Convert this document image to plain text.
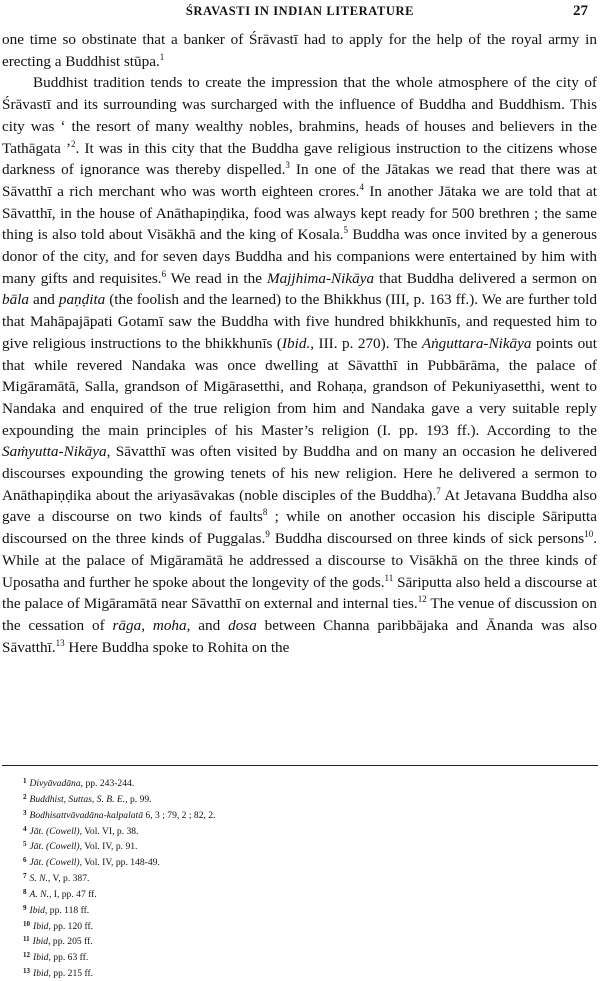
ŚRAVASTI IN INDIAN LITERATURE	27

one time so obstinate that a banker of Śrāvastī had to apply for the help of the royal army in erecting a Buddhist stūpa.$^1$

Buddhist tradition tends to create the impression that the whole atmosphere of the city of Śrāvastī and its surrounding was surcharged with the influence of Buddha and Buddhism. This city was ‘ the resort of many wealthy nobles, brahmins, heads of houses and believers in the Tathāgata ’$^2$. It was in this city that the Buddha gave religious instruction to the citizens whose darkness of ignorance was thereby dispelled.$^3$ In one of the Jātakas we read that there was at Sāvatthī a rich merchant who was worth eighteen crores.$^4$ In another Jātaka we are told that at Sāvatthī, in the house of Anāthapiṇḍika, food was always kept ready for 500 brethren ; the same thing is also told about Visākhā and the king of Kosala.$^5$ Buddha was once invited by a generous donor of the city, and for seven days Buddha and his companions were entertained by him with many gifts and requisites.$^6$ We read in the Majjhima-Nikāya that Buddha delivered a sermon on bāla and paṇḍita (the foolish and the learned) to the Bhikkhus (III, p. 163 ff.). We are further told that Mahāpajāpati Gotamī saw the Buddha with five hundred bhikkhunīs, and requested him to give religious instructions to the bhikkhunīs (Ibid., III. p. 270). The Aṅguttara-Nikāya points out that while revered Nandaka was once dwelling at Sāvatthī in Pubbārāma, the palace of Migāramātā, Salla, grandson of Migārasetthi, and Rohaṇa, grandson of Pekuniyasetthi, went to Nandaka and enquired of the true religion from him and Nandaka gave a very suitable reply expounding the main principles of his Master’s religion (I. pp. 193 ff.). According to the Saṁyutta-Nikāya, Sāvatthī was often visited by Buddha and on many an occasion he delivered discourses expounding the growing tenets of his new religion. Here he delivered a sermon to Anāthapiṇḍika about the ariyasāvakas (noble disciples of the Buddha).$^7$ At Jetavana Buddha also gave a discourse on two kinds of faults$^8$ ; while on another occasion his disciple Sāriputta discoursed on the three kinds of Puggalas.$^9$ Buddha discoursed on three kinds of sick persons$^{10}$. While at the palace of Migāramātā he addressed a discourse to Visākhā on the three kinds of Uposatha and further he spoke about the longevity of the gods.$^{11}$ Sāriputta also held a discourse at the palace of Migāramātā near Sāvatthī on external and internal ties.$^{12}$ The venue of discussion on the cessation of rāga, moha, and dosa between Channa paribbājaka and Ānanda was also Sāvatthī.$^{13}$ Here Buddha spoke to Rohita on the

$^1$ Divyāvadāna, pp. 243-244.
$^2$ Buddhist, Suttas, S. B. E., p. 99.
$^3$ Bodhisattvāvadāna-kalpalatā 6, 3 ; 79, 2 ; 82, 2.
$^4$ Jāt. (Cowell), Vol. VI, p. 38.
$^5$ Jāt. (Cowell), Vol. IV, p. 91.
$^6$ Jāt. (Cowell), Vol. IV, pp. 148-49.
$^7$ S. N., V, p. 387.
$^8$ A. N., I, pp. 47 ff.
$^9$ Ibid, pp. 118 ff.
$^{10}$ Ibid, pp. 120 ff.
$^{11}$ Ibid, pp. 205 ff.
$^{12}$ Ibid, pp. 63 ff.
$^{13}$ Ibid, pp. 215 ff.
